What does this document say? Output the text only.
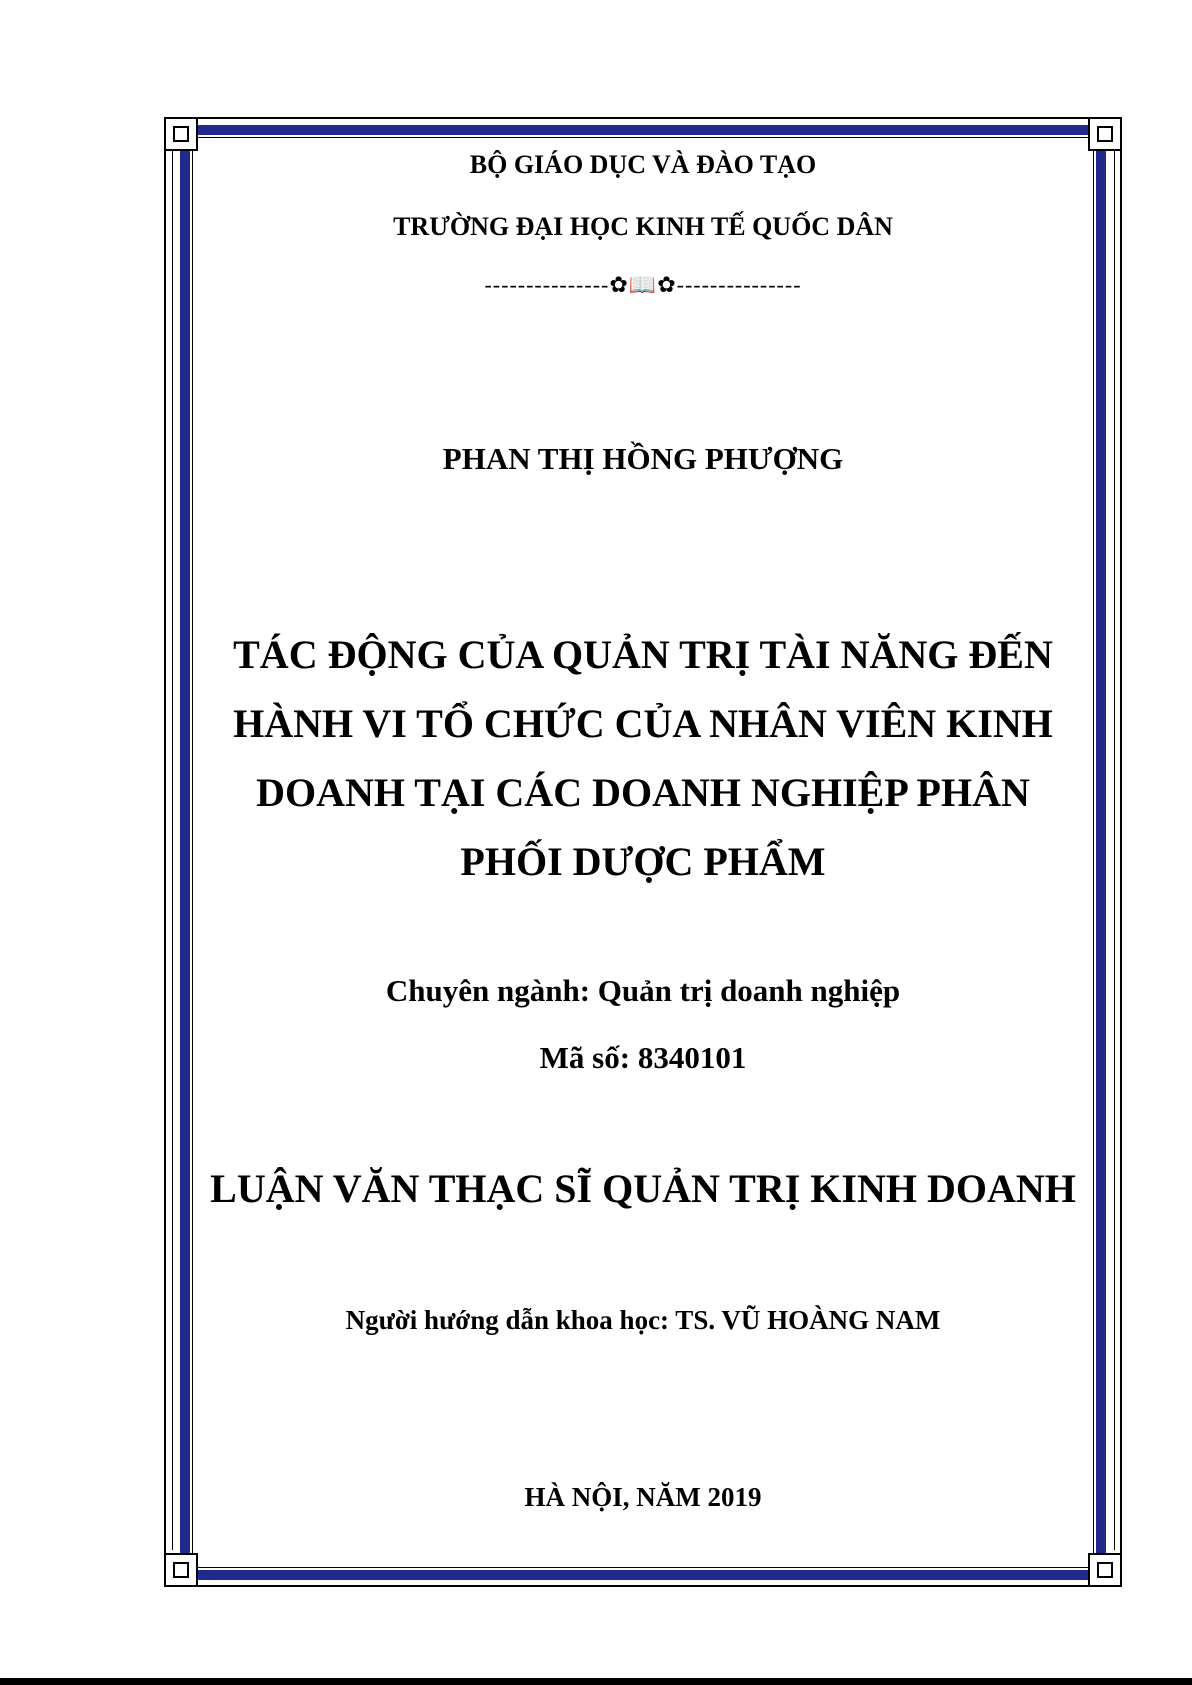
BỘ GIÁO DỤC VÀ ĐÀO TẠO
TRƯỜNG ĐẠI HỌC KINH TẾ QUỐC DÂN
---------------✿📖✿---------------
PHAN THỊ HỒNG PHƯỢNG
TÁC ĐỘNG CỦA QUẢN TRỊ TÀI NĂNG ĐẾN
HÀNH VI TỔ CHỨC CỦA NHÂN VIÊN KINH
DOANH TẠI CÁC DOANH NGHIỆP PHÂN
PHỐI DƯỢC PHẨM
Chuyên ngành: Quản trị doanh nghiệp
Mã số: 8340101
LUẬN VĂN THẠC SĨ QUẢN TRỊ KINH DOANH
Người hướng dẫn khoa học: TS. VŨ HOÀNG NAM
HÀ NỘI, NĂM 2019
